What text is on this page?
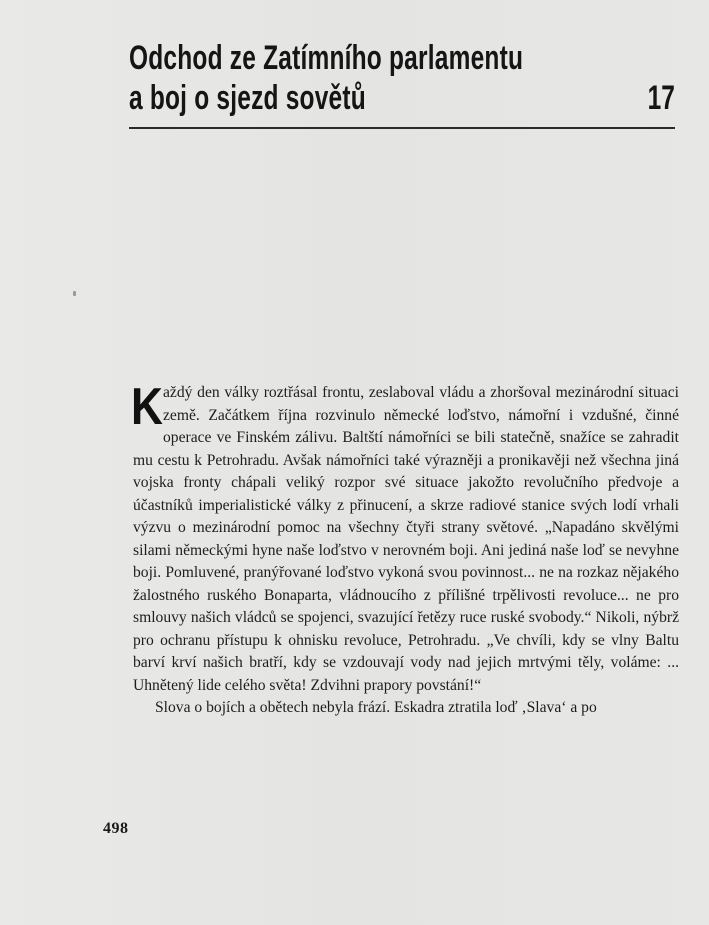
Odchod ze Zatímního parlamentu
a boj o sjezd sovětů	17

Každý den války roztřásal frontu, zeslaboval vládu a zhoršoval mezinárodní situaci země. Začátkem října rozvinulo německé loďstvo, námořní i vzdušné, činné operace ve Finském zálivu. Baltští námořníci se bili statečně, snažíce se zahradit mu cestu k Petrohradu. Avšak námořníci také výrazněji a pronikavěji než všechna jiná vojska fronty chápali veliký rozpor své situace jakožto revolučního předvoje a účastníků imperialistické války z přinucení, a skrze radiové stanice svých lodí vrhali výzvu o mezinárodní pomoc na všechny čtyři strany světové. „Napadáno skvělými silami německými hyne naše loďstvo v nerovném boji. Ani jediná naše loď se nevyhne boji. Pomluvené, pranýřované loďstvo vykoná svou povinnost... ne na rozkaz nějakého žalostného ruského Bonaparta, vládnoucího z přílišné trpělivosti revoluce... ne pro smlouvy našich vládců se spojenci, svazující řetězy ruce ruské svobody.“ Nikoli, nýbrž pro ochranu přístupu k ohnisku revoluce, Petrohradu. „Ve chvíli, kdy se vlny Baltu barví krví našich bratří, kdy se vzdouvají vody nad jejich mrtvými těly, voláme: ... Uhnětený lide celého světa! Zdvihni prapory povstání!“

Slova o bojích a obětech nebyla frází. Eskadra ztratila loď ‚Slava‘ a po

498
